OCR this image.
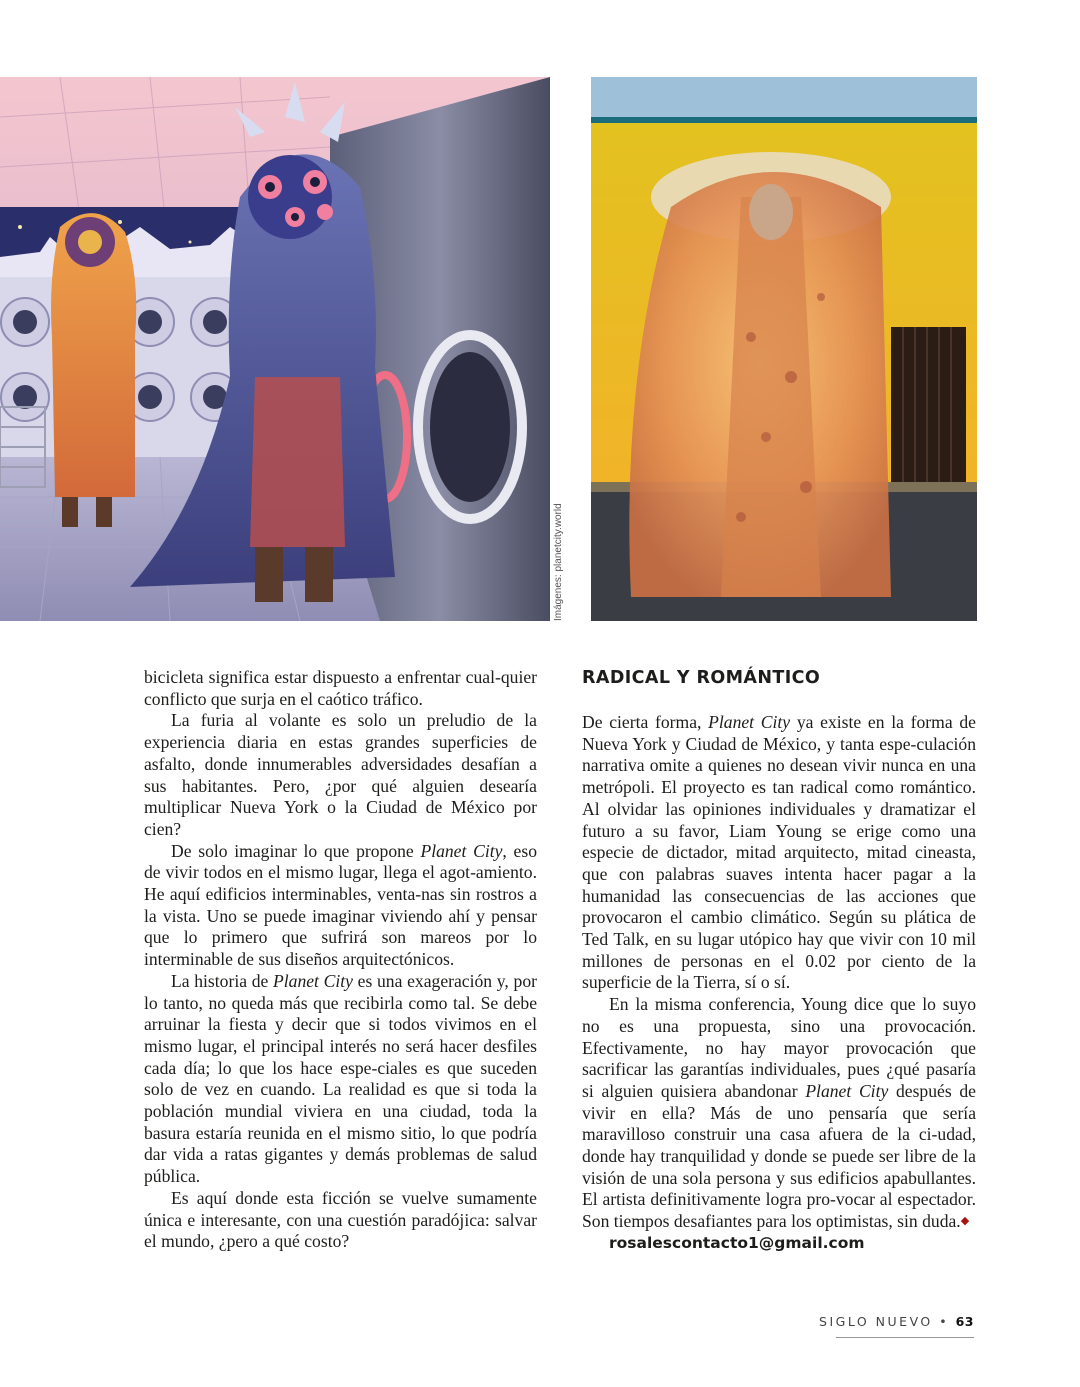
Imágenes: planetcity.world

bicicleta significa estar dispuesto a enfrentar cual-quier conflicto que surja en el caótico tráfico.

La furia al volante es solo un preludio de la experiencia diaria en estas grandes superficies de asfalto, donde innumerables adversidades desafían a sus habitantes. Pero, ¿por qué alguien desearía multiplicar Nueva York o la Ciudad de México por cien?

De solo imaginar lo que propone Planet City, eso de vivir todos en el mismo lugar, llega el agot-amiento. He aquí edificios interminables, venta-nas sin rostros a la vista. Uno se puede imaginar viviendo ahí y pensar que lo primero que sufrirá son mareos por lo interminable de sus diseños arquitectónicos.

La historia de Planet City es una exageración y, por lo tanto, no queda más que recibirla como tal. Se debe arruinar la fiesta y decir que si todos vivimos en el mismo lugar, el principal interés no será hacer desfiles cada día; lo que los hace espe-ciales es que suceden solo de vez en cuando. La realidad es que si toda la población mundial viviera en una ciudad, toda la basura estaría reunida en el mismo sitio, lo que podría dar vida a ratas gigantes y demás problemas de salud pública.

Es aquí donde esta ficción se vuelve sumamente única e interesante, con una cuestión paradójica: salvar el mundo, ¿pero a qué costo?

RADICAL Y ROMÁNTICO

De cierta forma, Planet City ya existe en la forma de Nueva York y Ciudad de México, y tanta espe-culación narrativa omite a quienes no desean vivir nunca en una metrópoli. El proyecto es tan radical como romántico. Al olvidar las opiniones individuales y dramatizar el futuro a su favor, Liam Young se erige como una especie de dictador, mitad arquitecto, mitad cineasta, que con palabras suaves intenta hacer pagar a la humanidad las consecuencias de las acciones que provocaron el cambio climático. Según su plática de Ted Talk, en su lugar utópico hay que vivir con 10 mil millones de personas en el 0.02 por ciento de la superficie de la Tierra, sí o sí.

En la misma conferencia, Young dice que lo suyo no es una propuesta, sino una provocación. Efectivamente, no hay mayor provocación que sacrificar las garantías individuales, pues ¿qué pasaría si alguien quisiera abandonar Planet City después de vivir en ella? Más de uno pensaría que sería maravilloso construir una casa afuera de la ci-udad, donde hay tranquilidad y donde se puede ser libre de la visión de una sola persona y sus edificios apabullantes. El artista definitivamente logra pro-vocar al espectador. Son tiempos desafiantes para los optimistas, sin duda.◆

rosalescontacto1@gmail.com

SIGLO NUEVO • 63
